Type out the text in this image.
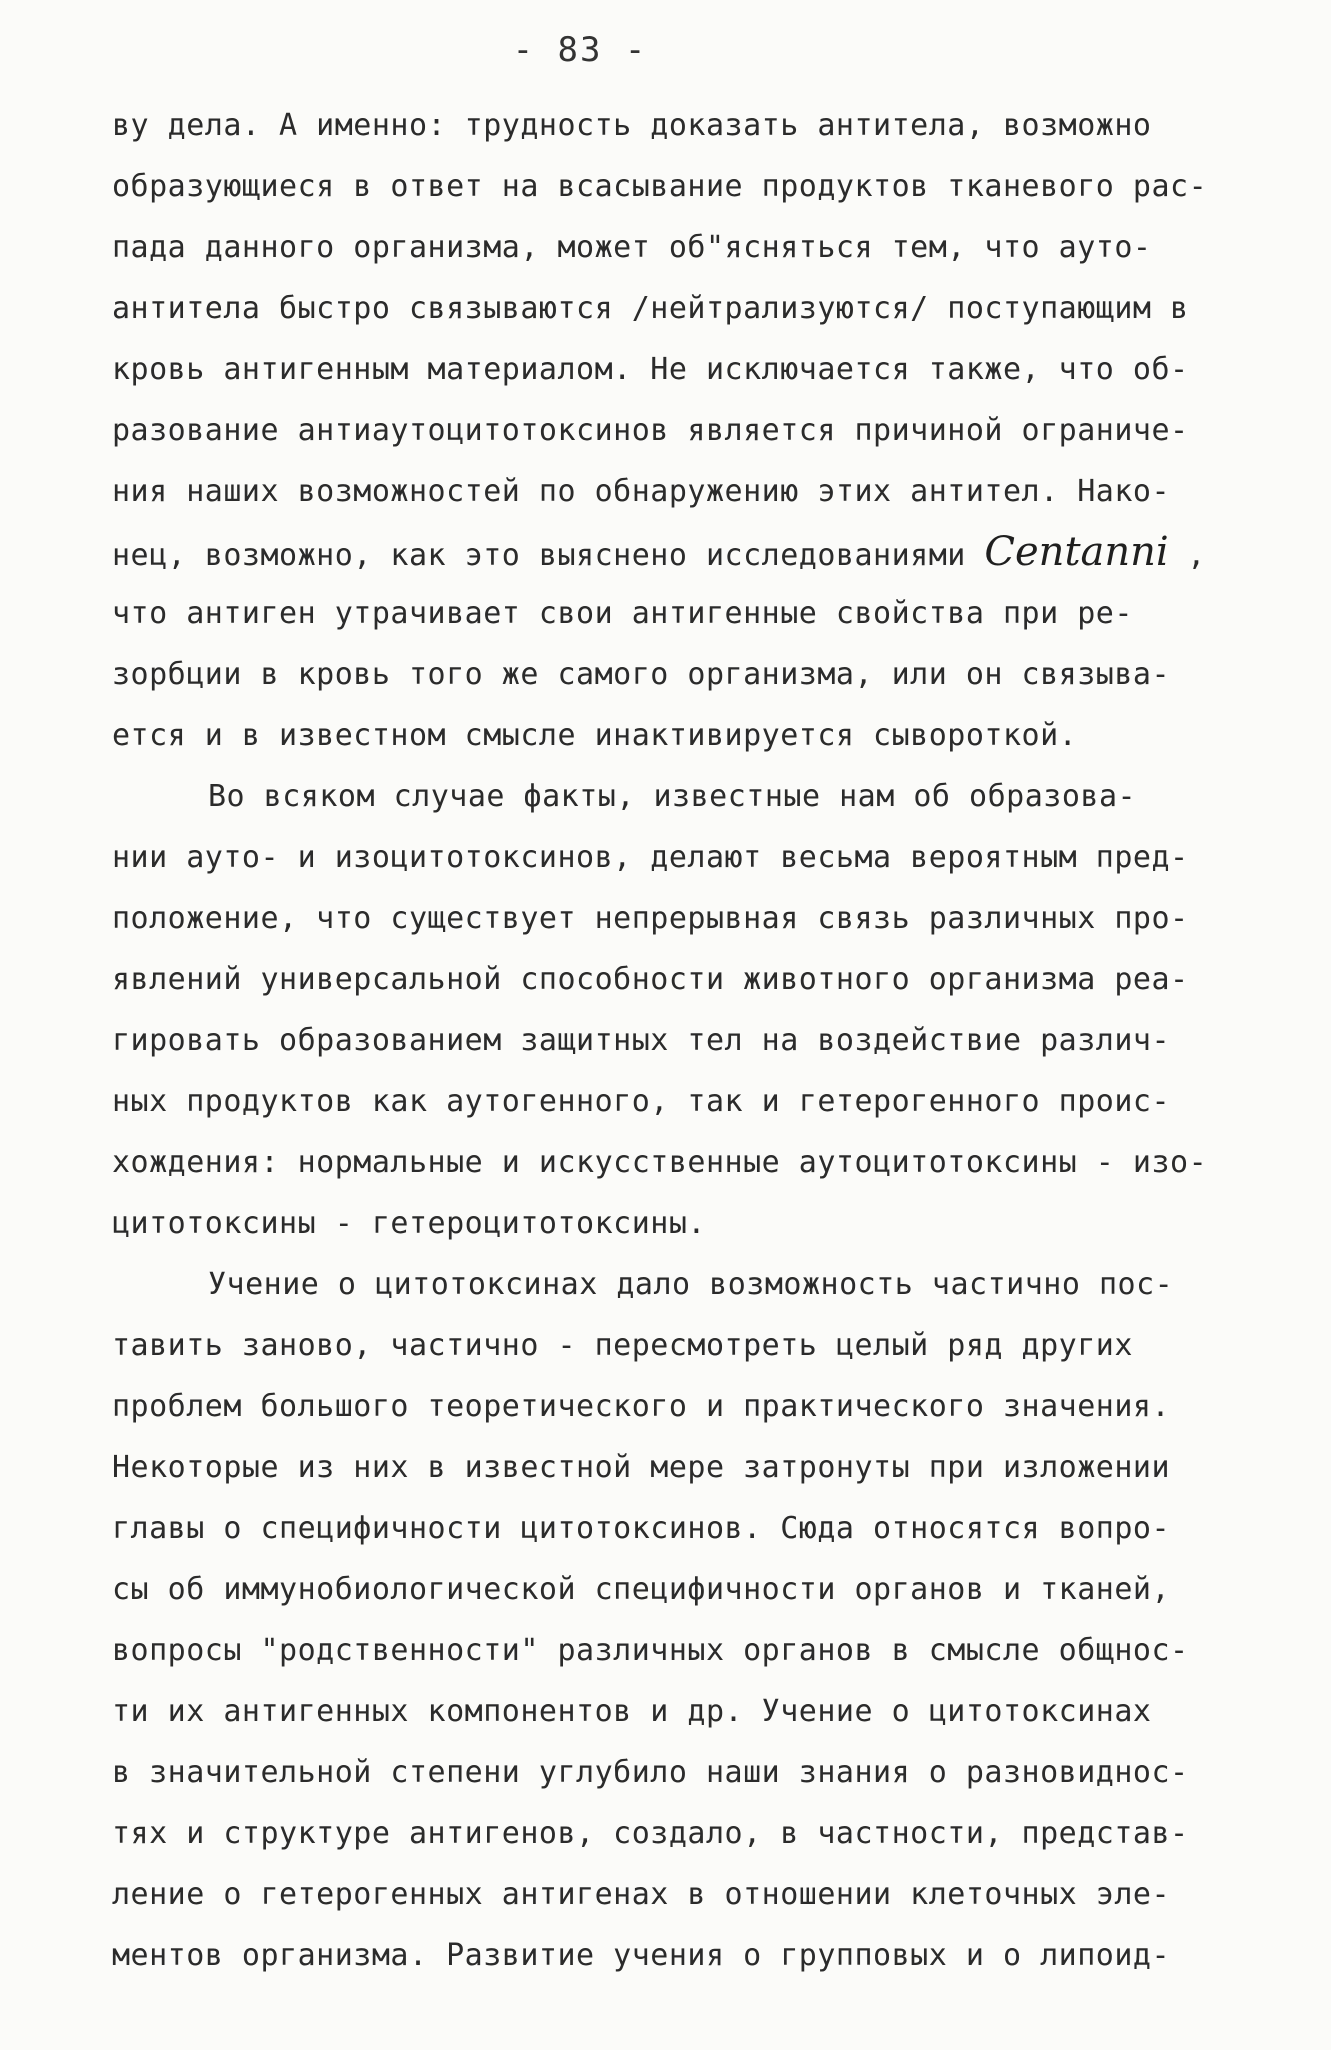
- 83 -
ву дела. А именно: трудность доказать антитела, возможно
образующиеся в ответ на всасывание продуктов тканевого рас-
пада данного организма, может об"ясняться тем, что ауто-
антитела быстро связываются /нейтрализуются/ поступающим в
кровь антигенным материалом. Не исключается также, что об-
разование антиаутоцитотоксинов является причиной ограниче-
ния наших возможностей по обнаружению этих антител. Нако-
нец, возможно, как это выяснено исследованиями Centanni ,
что антиген утрачивает свои антигенные свойства при ре-
зорбции в кровь того же самого организма, или он связыва-
ется и в известном смысле инактивируется сывороткой.
Во всяком случае факты, известные нам об образова-
нии ауто- и изоцитотоксинов, делают весьма вероятным пред-
положение, что существует непрерывная связь различных про-
явлений универсальной способности животного организма реа-
гировать образованием защитных тел на воздействие различ-
ных продуктов как аутогенного, так и гетерогенного проис-
хождения: нормальные и искусственные аутоцитотоксины - изо-
цитотоксины - гетероцитотоксины.
Учение о цитотоксинах дало возможность частично пос-
тавить заново, частично - пересмотреть целый ряд других
проблем большого теоретического и практического значения.
Некоторые из них в известной мере затронуты при изложении
главы о специфичности цитотоксинов. Сюда относятся вопро-
сы об иммунобиологической специфичности органов и тканей,
вопросы "родственности" различных органов в смысле общнос-
ти их антигенных компонентов и др. Учение о цитотоксинах
в значительной степени углубило наши знания о разновиднос-
тях и структуре антигенов, создало, в частности, представ-
ление о гетерогенных антигенах в отношении клеточных эле-
ментов организма. Развитие учения о групповых и о липоид-
